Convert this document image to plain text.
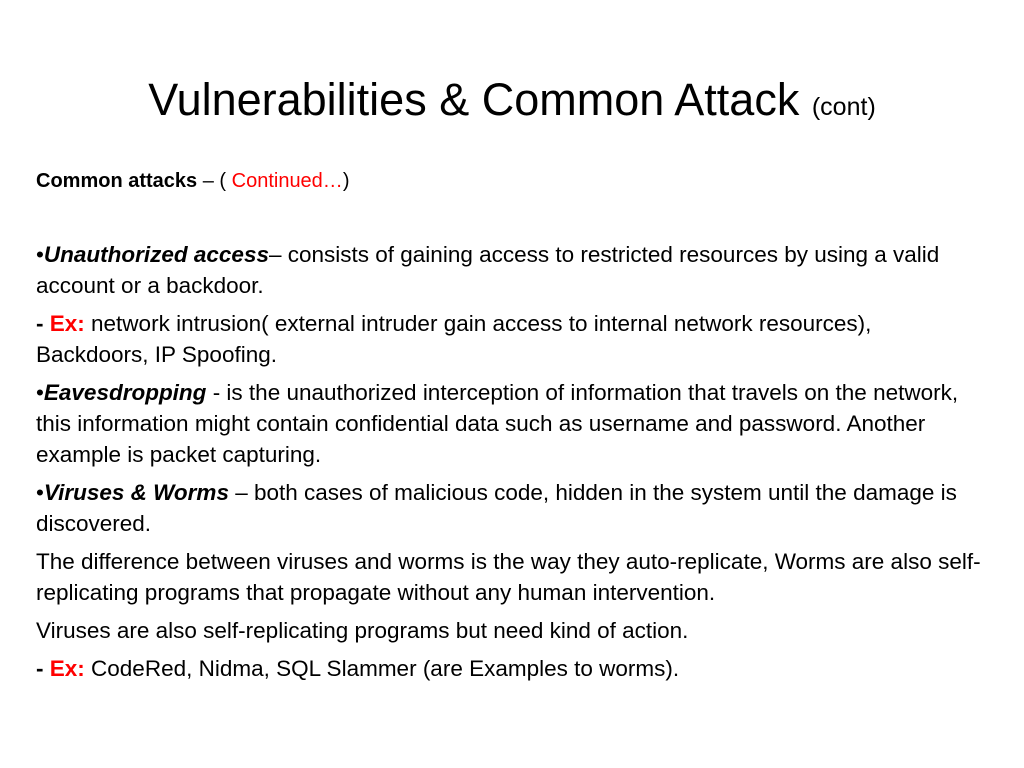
Vulnerabilities & Common Attack (cont)
Common attacks – ( Continued…)
•Unauthorized access– consists of gaining access to restricted resources by using a valid account or a backdoor.
- Ex: network intrusion( external intruder gain access to internal network resources), Backdoors, IP Spoofing.
•Eavesdropping - is the unauthorized interception of information that travels on the network, this information might contain confidential data such as username and password. Another example is packet capturing.
•Viruses & Worms – both cases of malicious code, hidden in the system until the damage is discovered.
The difference between viruses and worms is the way they auto-replicate, Worms are also self-replicating programs that propagate without any human intervention.
Viruses are also self-replicating programs but need kind of action.
- Ex: CodeRed, Nidma, SQL Slammer (are Examples to worms).
